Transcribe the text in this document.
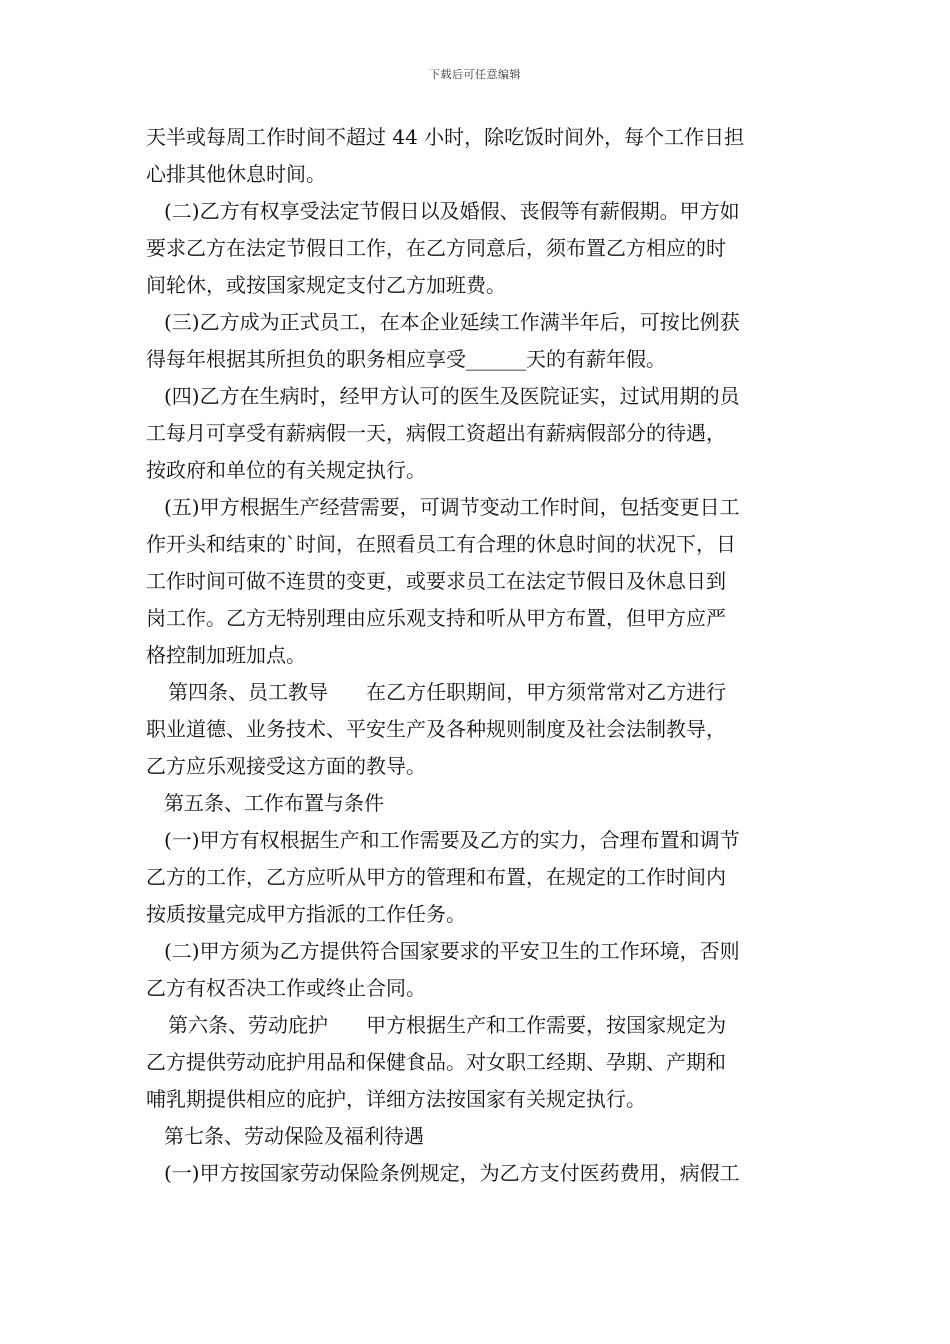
下载后可任意编辑
天半或每周工作时间不超过 44 小时，除吃饭时间外，每个工作日担
心排其他休息时间。
(二)乙方有权享受法定节假日以及婚假、丧假等有薪假期。甲方如
要求乙方在法定节假日工作，在乙方同意后，须布置乙方相应的时
间轮休，或按国家规定支付乙方加班费。
(三)乙方成为正式员工，在本企业延续工作满半年后，可按比例获
得每年根据其所担负的职务相应享受______天的有薪年假。
(四)乙方在生病时，经甲方认可的医生及医院证实，过试用期的员
工每月可享受有薪病假一天，病假工资超出有薪病假部分的待遇，
按政府和单位的有关规定执行。
(五)甲方根据生产经营需要，可调节变动工作时间，包括变更日工
作开头和结束的`时间，在照看员工有合理的休息时间的状况下，日
工作时间可做不连贯的变更，或要求员工在法定节假日及休息日到
岗工作。乙方无特别理由应乐观支持和听从甲方布置，但甲方应严
格控制加班加点。
第四条、员工教导      在乙方任职期间，甲方须常常对乙方进行
职业道德、业务技术、平安生产及各种规则制度及社会法制教导，
乙方应乐观接受这方面的教导。
第五条、工作布置与条件
(一)甲方有权根据生产和工作需要及乙方的实力，合理布置和调节
乙方的工作，乙方应听从甲方的管理和布置，在规定的工作时间内
按质按量完成甲方指派的工作任务。
(二)甲方须为乙方提供符合国家要求的平安卫生的工作环境，否则
乙方有权否决工作或终止合同。
第六条、劳动庇护      甲方根据生产和工作需要，按国家规定为
乙方提供劳动庇护用品和保健食品。对女职工经期、孕期、产期和
哺乳期提供相应的庇护，详细方法按国家有关规定执行。
第七条、劳动保险及福利待遇
(一)甲方按国家劳动保险条例规定，为乙方支付医药费用，病假工
